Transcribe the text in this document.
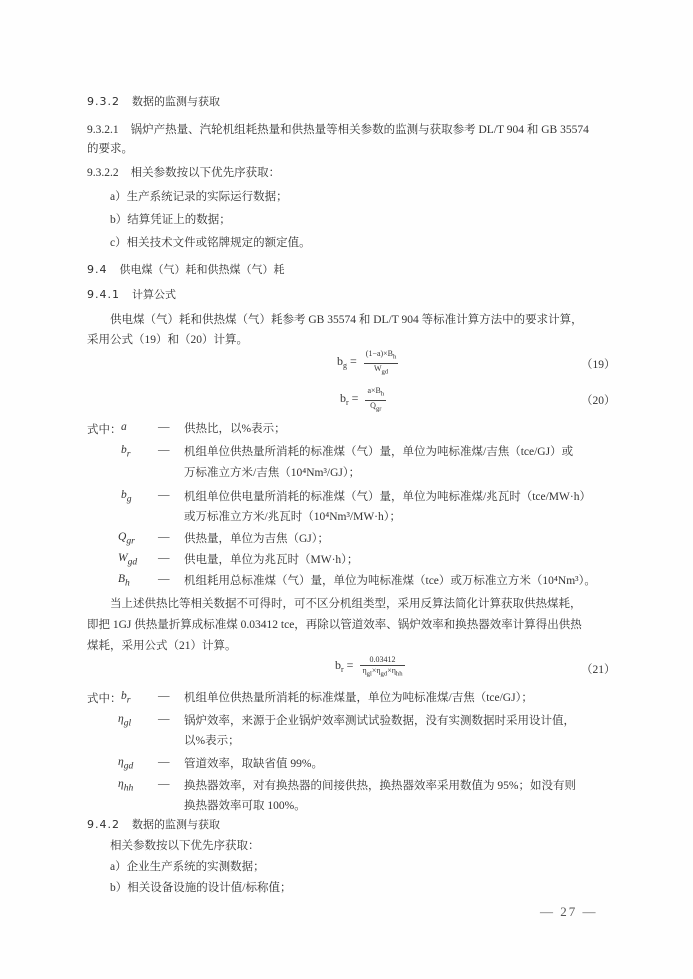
9.3.2 数据的监测与获取
9.3.2.1 锅炉产热量、汽轮机组耗热量和供热量等相关参数的监测与获取参考 DL/T 904 和 GB 35574
的要求。
9.3.2.2 相关参数按以下优先序获取：
a）生产系统记录的实际运行数据；
b）结算凭证上的数据；
c）相关技术文件或铭牌规定的额定值。
9.4 供电煤（气）耗和供热煤（气）耗
9.4.1 计算公式
供电煤（气）耗和供热煤（气）耗参考 GB 35574 和 DL/T 904 等标准计算方法中的要求计算，
采用公式（19）和（20）计算。
$b_g = \frac{(1-a)\times B_h}{W_{gd}}$	（19）
$b_r = \frac{a\times B_h}{Q_{gr}}$	（20）
式中： a	— 供热比，以%表示；
$b_r$ — 机组单位供热量所消耗的标准煤（气）量，单位为吨标准煤/吉焦（tce/GJ）或
万标准立方米/吉焦（10⁴Nm³/GJ）；
$b_g$ — 机组单位供电量所消耗的标准煤（气）量，单位为吨标准煤/兆瓦时（tce/MW·h）
或万标准立方米/兆瓦时（10⁴Nm³/MW·h）；
$Q_{gr}$ — 供热量，单位为吉焦（GJ）；
$W_{gd}$ — 供电量，单位为兆瓦时（MW·h）；
$B_h$ — 机组耗用总标准煤（气）量，单位为吨标准煤（tce）或万标准立方米（10⁴Nm³）。
当上述供热比等相关数据不可得时，可不区分机组类型，采用反算法简化计算获取供热煤耗，
即把 1GJ 供热量折算成标准煤 0.03412 tce，再除以管道效率、锅炉效率和换热器效率计算得出供热
煤耗，采用公式（21）计算。
$b_r = \frac{0.03412}{\eta_{gl}\times\eta_{gd}\times\eta_{hh}}$	（21）
式中： $b_r$ — 机组单位供热量所消耗的标准煤量，单位为吨标准煤/吉焦（tce/GJ）；
$\eta_{gl}$ — 锅炉效率，来源于企业锅炉效率测试试验数据，没有实测数据时采用设计值，
以%表示；
$\eta_{gd}$ — 管道效率，取缺省值 99%。
$\eta_{hh}$ — 换热器效率，对有换热器的间接供热，换热器效率采用数值为 95%；如没有则
换热器效率可取 100%。
9.4.2 数据的监测与获取
相关参数按以下优先序获取：
a）企业生产系统的实测数据；
b）相关设备设施的设计值/标称值；
— 27 —
